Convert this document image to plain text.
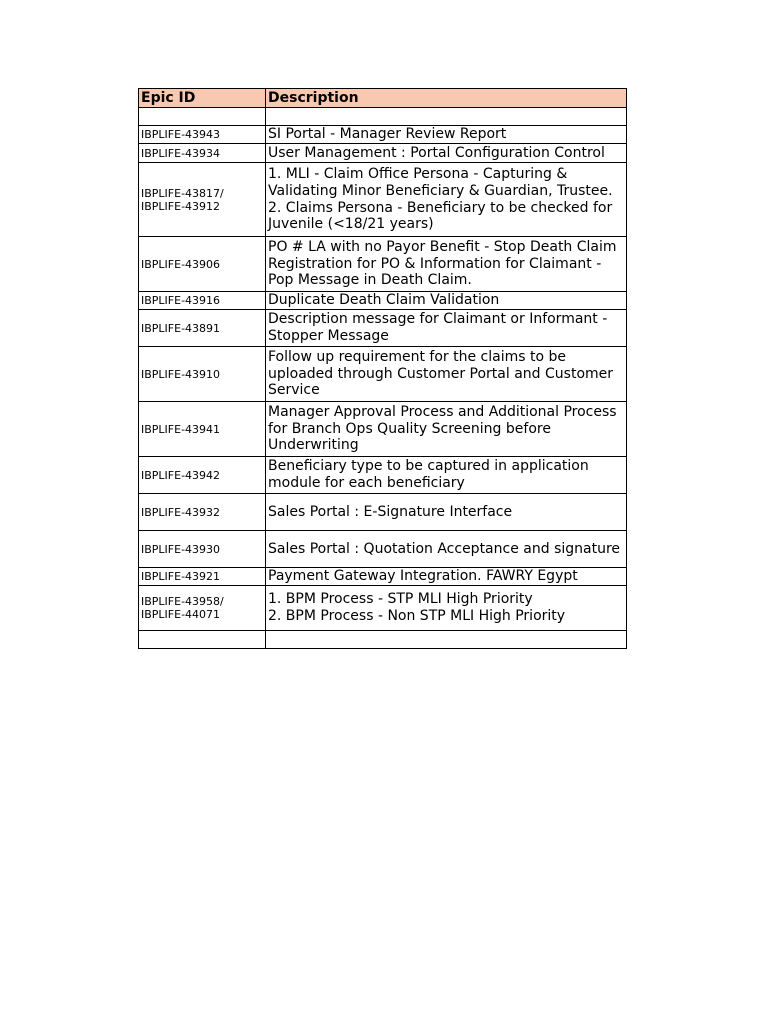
Epic ID	Description

IBPLIFE-43943	SI Portal - Manager Review Report

IBPLIFE-43934	User Management : Portal Configuration Control

IBPLIFE-43817/
IBPLIFE-43912	1. MLI - Claim Office Persona - Capturing &
Validating Minor Beneficiary & Guardian, Trustee.
2. Claims Persona - Beneficiary to be checked for
Juvenile (<18/21 years)

IBPLIFE-43906	PO # LA with no Payor Benefit - Stop Death Claim
Registration for PO & Information for Claimant -
Pop Message in Death Claim.

IBPLIFE-43916	Duplicate Death Claim Validation

IBPLIFE-43891	Description message for Claimant or Informant -
Stopper Message

IBPLIFE-43910	Follow up requirement for the claims to be
uploaded through Customer Portal and Customer
Service

IBPLIFE-43941	Manager Approval Process and Additional Process
for Branch Ops Quality Screening before
Underwriting

IBPLIFE-43942	Beneficiary type to be captured in application
module for each beneficiary

IBPLIFE-43932	Sales Portal : E-Signature Interface

IBPLIFE-43930	Sales Portal : Quotation Acceptance and signature

IBPLIFE-43921	Payment Gateway Integration. FAWRY Egypt

IBPLIFE-43958/
IBPLIFE-44071	1. BPM Process - STP MLI High Priority
2. BPM Process - Non STP MLI High Priority
